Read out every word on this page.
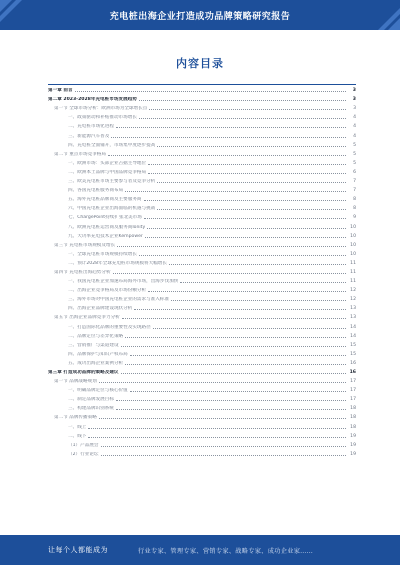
充电桩出海企业打造成功品牌策略研究报告
内容目录
第一章 前言	3
第二章 2023-2028年充电桩市场发展趋势	3
第一节 全球市场分析：欧洲市场为全球增长点	3
一、政策驱动和补贴推动市场增长	4
二、充电桩市场化进程	4
三、新能源汽车普及	4
四、充电桩全面铺开，市场集中度逐步提高	5
第二节 重点市场竞争格局	5
一、欧洲市场：头部企业占据主导地位	5
二、欧洲本土品牌与中国品牌竞争格局	6
三、欧美充电桩市场主要参与者及竞争分析	7
四、各国充电桩服务商布局	7
五、海外充电桩品牌商及主要服务商	8
六、中国充电桩企业出海面临的机遇与挑战	8
七、ChargePoint持续扩张北美市场	9
八、欧洲充电桩运营商及服务商Ionity	10
九、大功率充电技术企业Kempower	10
第三节 充电桩市场规模及增长	10
一、全球充电桩市场规模持续增长	10
二、预计2028年全球充电桩市场规模将大幅增长	11
第四节 充电桩出海趋势分析	11
一、我国充电桩企业加速布局海外市场，出海步伐加快	11
二、出海企业竞争格局及市场份额分析	12
三、海外市场对中国充电桩企业的需求与准入标准	12
四、出海企业品牌建设现状分析	13
第五节 出海企业品牌竞争力分析	13
一、打造国际化品牌的重要性及实现路径	14
二、品牌定位与差异化策略	14
三、营销推广与渠道建设	15
四、品牌保护与知识产权布局	15
五、成功出海企业案例分析	16
第三章 打造成功品牌的策略及建议	16
第一节 品牌战略规划	17
一、明确品牌定位与核心价值	17
二、制定品牌发展目标	17
三、构建品牌识别系统	18
第二节 品牌传播策略	18
一、线上	18
二、线下	19
（1）产品展会	19
（2）行业论坛	19
让每个人都能成为	行业专家、管理专家、营销专家、战略专家、成功企业家……
